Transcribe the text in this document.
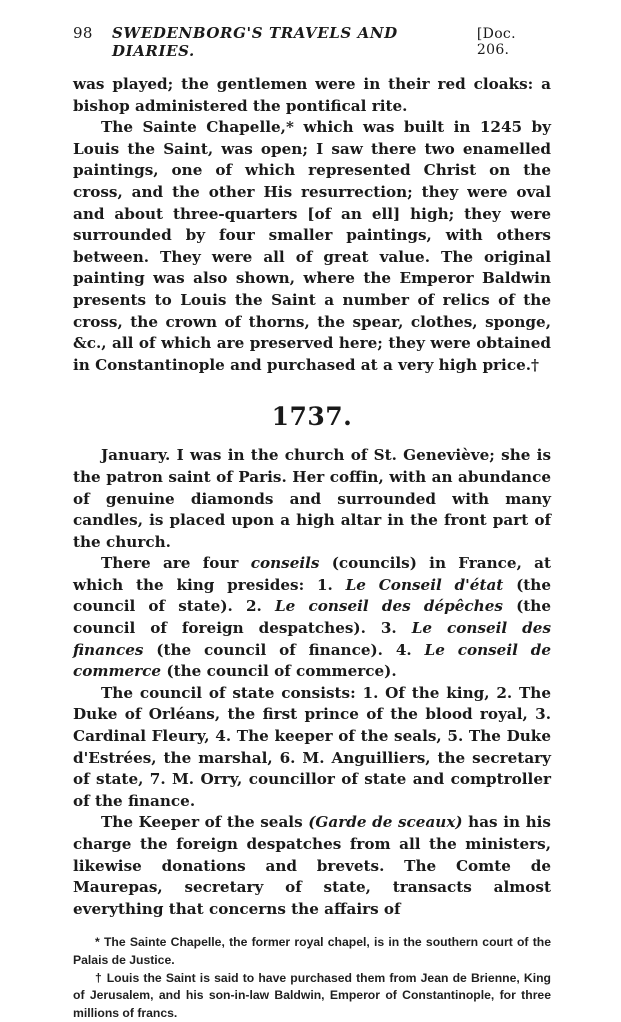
98	SWEDENBORG'S TRAVELS AND DIARIES.
[Doc. 206.

was played; the gentlemen were in their red cloaks: a bishop administered the pontifical rite.

The Sainte Chapelle,* which was built in 1245 by Louis the Saint, was open; I saw there two enamelled paintings, one of which represented Christ on the cross, and the other His resurrection; they were oval and about three-quarters [of an ell] high; they were surrounded by four smaller paintings, with others between. They were all of great value. The original painting was also shown, where the Emperor Baldwin presents to Louis the Saint a number of relics of the cross, the crown of thorns, the spear, clothes, sponge, &c., all of which are preserved here; they were obtained in Constantinople and purchased at a very high price.†

1737.

January. I was in the church of St. Geneviève; she is the patron saint of Paris. Her coffin, with an abundance of genuine diamonds and surrounded with many candles, is placed upon a high altar in the front part of the church.

There are four conseils (councils) in France, at which the king presides: 1. Le Conseil d'état (the council of state). 2. Le conseil des dépêches (the council of foreign despatches). 3. Le conseil des finances (the council of finance). 4. Le conseil de commerce (the council of commerce).

The council of state consists: 1. Of the king, 2. The Duke of Orléans, the first prince of the blood royal, 3. Cardinal Fleury, 4. The keeper of the seals, 5. The Duke d'Estrées, the marshal, 6. M. Anguilliers, the secretary of state, 7. M. Orry, councillor of state and comptroller of the finance.

The Keeper of the seals (Garde de sceaux) has in his charge the foreign despatches from all the ministers, likewise donations and brevets. The Comte de Maurepas, secretary of state, transacts almost everything that concerns the affairs of

* The Sainte Chapelle, the former royal chapel, is in the southern court of the Palais de Justice.

† Louis the Saint is said to have purchased them from Jean de Brienne, King of Jerusalem, and his son-in-law Baldwin, Emperor of Constantinople, for three millions of francs.
